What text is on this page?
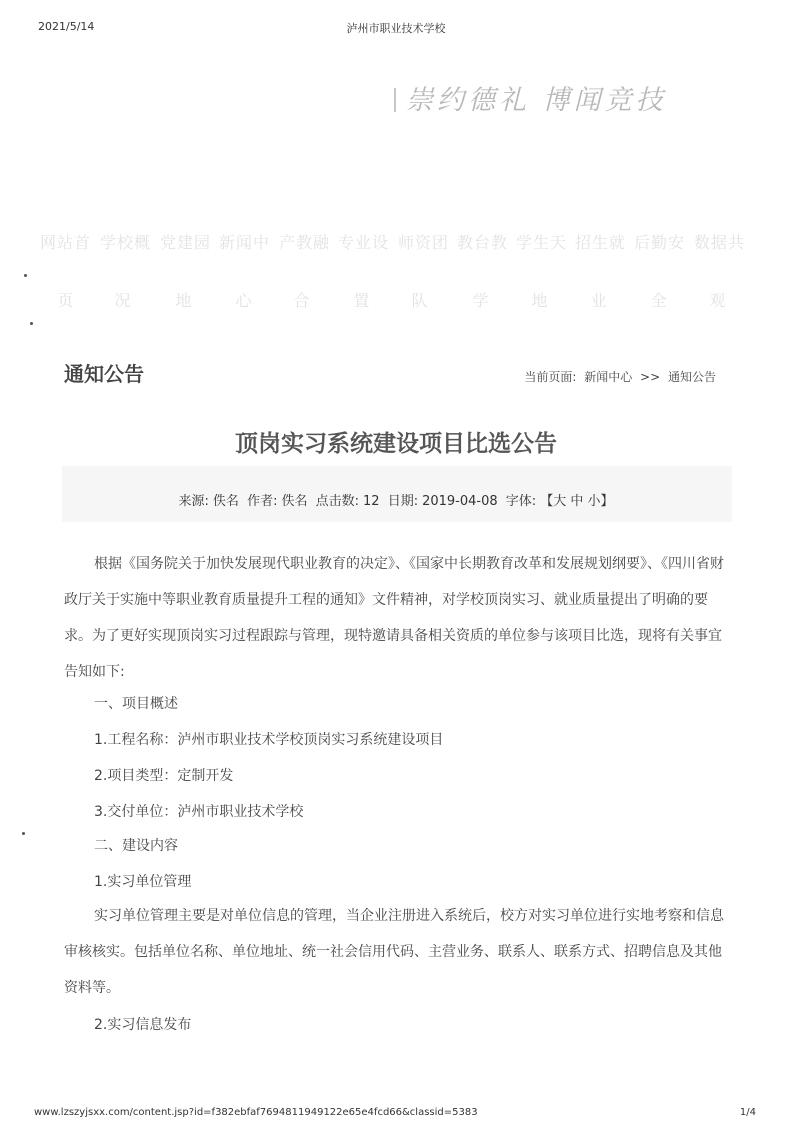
2021/5/14	泸州市职业技术学校
崇约德礼 博闻竞技
网站首 学校概 党建园 新闻中 产教融 专业设 师资团 教台教 学生天 招生就 后勤安 数据共
页 况	地	心	合	置	队	学	地	业	全	观
通知公告	当前页面: 新闻中心 >> 通知公告
顶岗实习系统建设项目比选公告
来源: 佚名 作者: 佚名 点击数: 12 日期: 2019-04-08 字体: 【大 中 小】
根据《国务院关于加快发展现代职业教育的决定》、《国家中长期教育改革和发展规划纲要》、《四川省财政厅关于实施中等职业教育质量提升工程的通知》文件精神，对学校顶岗实习、就业质量提出了明确的要求。为了更好实现顶岗实习过程跟踪与管理，现特邀请具备相关资质的单位参与该项目比选，现将有关事宜告知如下:
一、项目概述
1.工程名称：泸州市职业技术学校顶岗实习系统建设项目
2.项目类型：定制开发
3.交付单位：泸州市职业技术学校
二、建设内容
1.实习单位管理
实习单位管理主要是对单位信息的管理，当企业注册进入系统后，校方对实习单位进行实地考察和信息审核核实。包括单位名称、单位地址、统一社会信用代码、主营业务、联系人、联系方式、招聘信息及其他资料等。
2.实习信息发布
www.lzszyjsxx.com/content.jsp?id=f382ebfaf7694811949122e65e4fcd66&classid=5383	1/4
